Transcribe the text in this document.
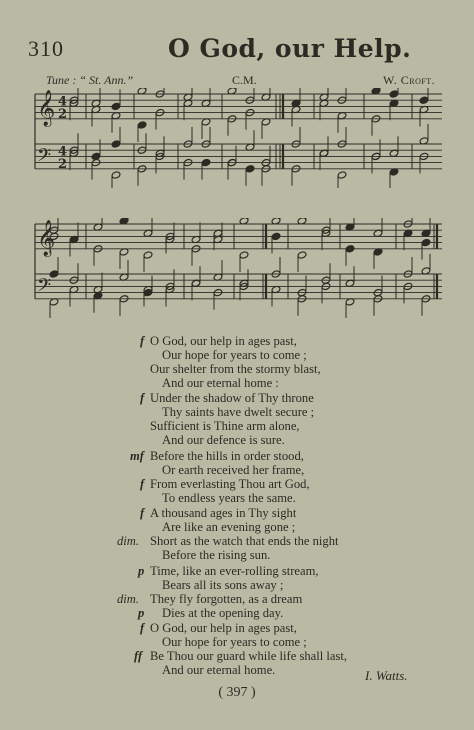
310	O God, our Help.
Tune : “ St. Ann.”	C.M.	W. Croft.
𝄞 4
2
𝄢 4
2
𝄞
𝄢
f O God, our help in ages past,
Our hope for years to come ;
Our shelter from the stormy blast,
And our eternal home :
f Under the shadow of Thy throne
Thy saints have dwelt secure ;
Sufficient is Thine arm alone,
And our defence is sure.
mf Before the hills in order stood,
Or earth received her frame,
f From everlasting Thou art God,
To endless years the same.
f A thousand ages in Thy sight
Are like an evening gone ;
dim. Short as the watch that ends the night
Before the rising sun.
p Time, like an ever-rolling stream,
Bears all its sons away ;
dim. They fly forgotten, as a dream
p Dies at the opening day.
f O God, our help in ages past,
Our hope for years to come ;
ff Be Thou our guard while life shall last,
And our eternal home.	I. Watts.
( 397 )
